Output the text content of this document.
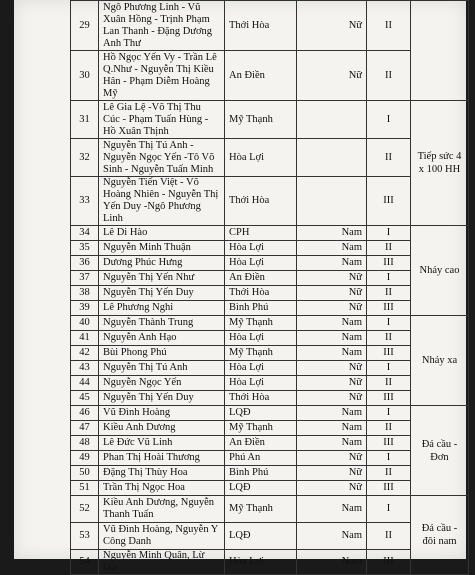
29	Ngô Phương Linh - Vũ Xuân Hồng - Trịnh Phạm Lan Thanh - Đặng Dương Anh Thư	Thới Hòa	Nữ	II	
30	Hồ Ngọc Yến Vy - Trần Lê Q.Như - Nguyễn Thị Kiều Hân - Phạm Diễm Hoàng Mỹ	An Điền	Nữ	II	
31	Lê Gia Lệ -Võ Thị Thu Cúc - Phạm Tuấn Hùng - Hồ Xuân Thịnh	Mỹ Thạnh		I	Tiếp sức 4 x 100 HH
32	Nguyễn Thị Tú Anh - Nguyễn Ngọc Yến -Tô Võ Sinh - Nguyễn Tuấn Minh	Hòa Lợi		II	
33	Nguyễn Tiến Việt - Võ Hoàng Nhiên - Nguyễn Thị Yến Duy -Ngô Phương Linh	Thới Hòa		III	
34	Lê Di Hào	CPH	Nam	I	Nhảy cao
35	Nguyễn Minh Thuận	Hòa Lợi	Nam	II	
36	Dương Phúc Hưng	Hòa Lợi	Nam	III	
37	Nguyễn Thị Yến Như	An Điền	Nữ	I	
38	Nguyễn Thị Yến Duy	Thới Hòa	Nữ	II	
39	Lê Phương Nghi	Bình Phú	Nữ	III	
40	Nguyễn Thành Trung	Mỹ Thạnh	Nam	I	Nhảy xa
41	Nguyễn Anh Hạo	Hòa Lợi	Nam	II	
42	Bùi Phong Phú	Mỹ Thạnh	Nam	III	
43	Nguyễn Thị Tú Anh	Hòa Lợi	Nữ	I	
44	Nguyễn Ngọc Yến	Hòa Lợi	Nữ	II	
45	Nguyễn Thị Yến Duy	Thới Hòa	Nữ	III	
46	Vũ Đình Hoàng	LQĐ	Nam	I	Đá cầu - Đơn
47	Kiều Anh Dương	Mỹ Thạnh	Nam	II	
48	Lê Đức Vũ Linh	An Điền	Nam	III	
49	Phan Thị Hoài Thương	Phú An	Nữ	I	
50	Đặng Thị Thùy Hoa	Bình Phú	Nữ	II	
51	Trần Thị Ngọc Hoa	LQĐ	Nữ	III	
52	Kiều Anh Dương, Nguyễn Thanh Tuấn	Mỹ Thạnh	Nam	I	Đá cầu - đôi nam
53	Vũ Đình Hoàng, Nguyễn Y Công Danh	LQĐ	Nam	II	
54	Nguyễn Minh Quân, Lừ Gia	Hòa Lợi	Nam	III	
